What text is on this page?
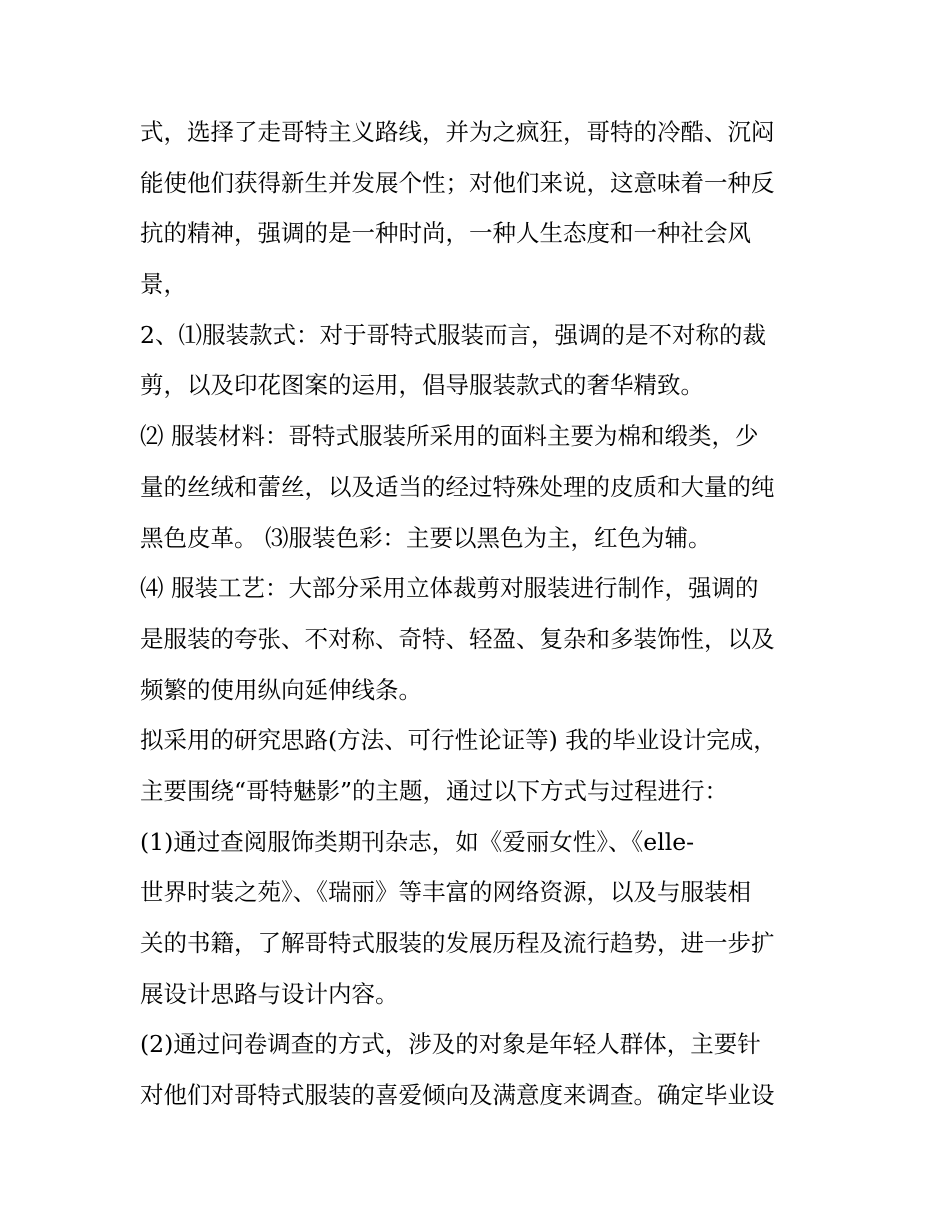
式，选择了走哥特主义路线，并为之疯狂，哥特的冷酷、沉闷
能使他们获得新生并发展个性；对他们来说，这意味着一种反
抗的精神，强调的是一种时尚，一种人生态度和一种社会风
景，
2、⑴服装款式：对于哥特式服装而言，强调的是不对称的裁
剪，以及印花图案的运用，倡导服装款式的奢华精致。
⑵ 服装材料：哥特式服装所采用的面料主要为棉和缎类，少
量的丝绒和蕾丝，以及适当的经过特殊处理的皮质和大量的纯
黑色皮革。 ⑶服装色彩：主要以黑色为主，红色为辅。
⑷ 服装工艺：大部分采用立体裁剪对服装进行制作，强调的
是服装的夸张、不对称、奇特、轻盈、复杂和多装饰性，以及
频繁的使用纵向延伸线条。
拟采用的研究思路(方法、可行性论证等) 我的毕业设计完成，
主要围绕“哥特魅影”的主题，通过以下方式与过程进行：
(1)通过查阅服饰类期刊杂志，如《爱丽女性》、《elle-
世界时装之苑》、《瑞丽》等丰富的网络资源，以及与服装相
关的书籍，了解哥特式服装的发展历程及流行趋势，进一步扩
展设计思路与设计内容。
(2)通过问卷调查的方式，涉及的对象是年轻人群体，主要针
对他们对哥特式服装的喜爱倾向及满意度来调查。确定毕业设
